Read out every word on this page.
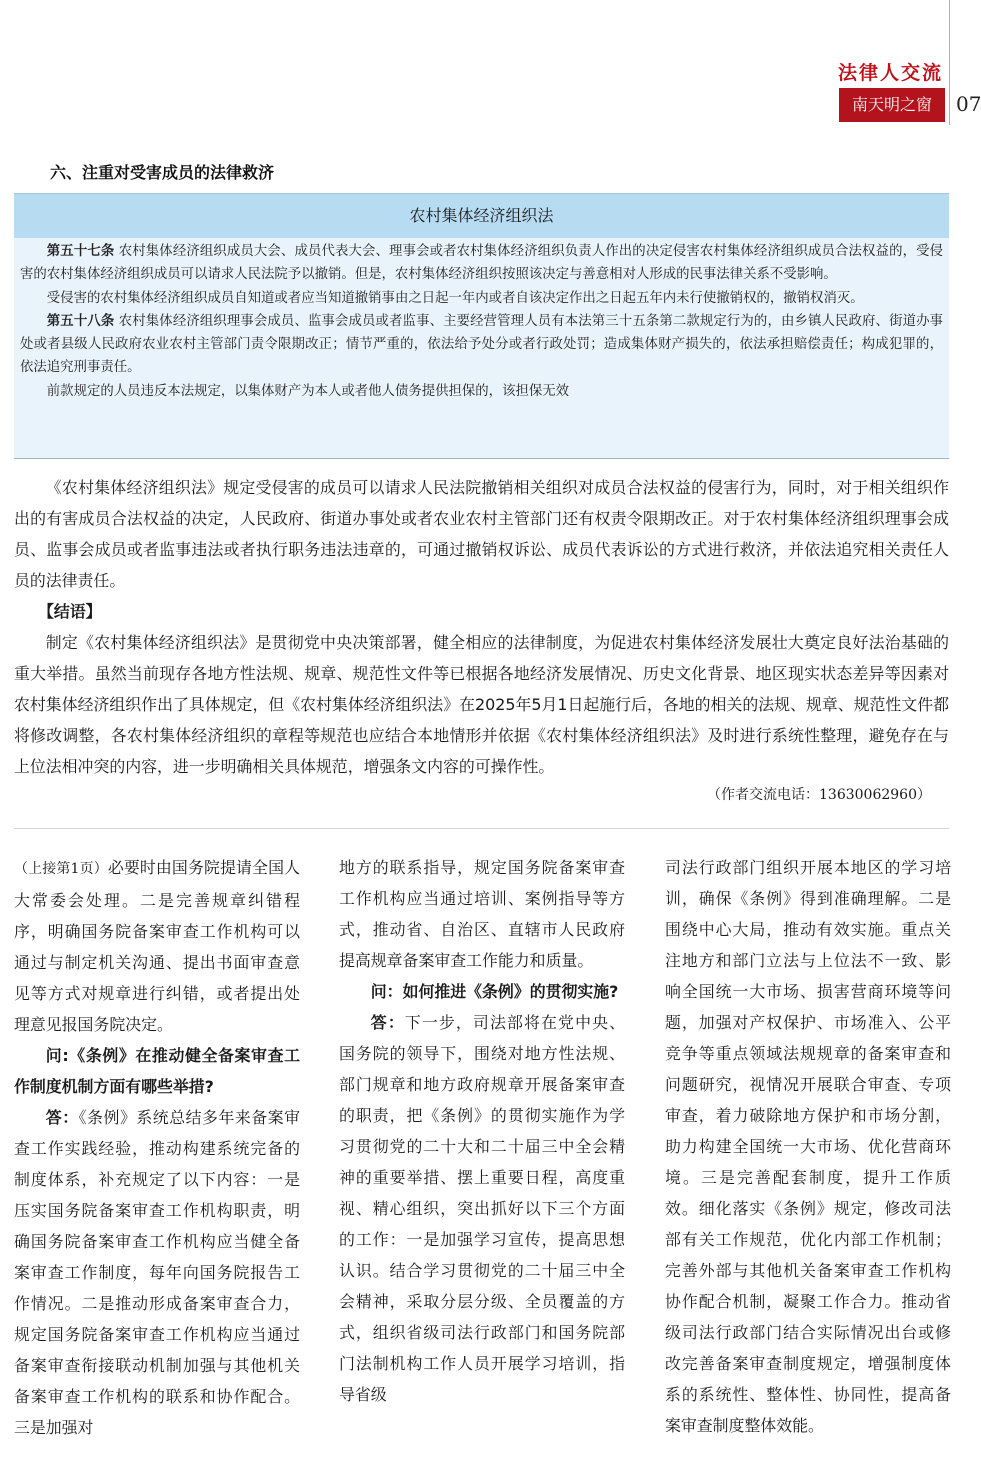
法律人交流
南天明之窗	07
六、注重对受害成员的法律救济
农村集体经济组织法

第五十七条 农村集体经济组织成员大会、成员代表大会、理事会或者农村集体经济组织负责人作出的决定侵害农村集体经济组织成员合法权益的，受侵害的农村集体经济组织成员可以请求人民法院予以撤销。但是，农村集体经济组织按照该决定与善意相对人形成的民事法律关系不受影响。

受侵害的农村集体经济组织成员自知道或者应当知道撤销事由之日起一年内或者自该决定作出之日起五年内未行使撤销权的，撤销权消灭。

第五十八条 农村集体经济组织理事会成员、监事会成员或者监事、主要经营管理人员有本法第三十五条第二款规定行为的，由乡镇人民政府、街道办事处或者县级人民政府农业农村主管部门责令限期改正；情节严重的，依法给予处分或者行政处罚；造成集体财产损失的，依法承担赔偿责任；构成犯罪的，依法追究刑事责任。

前款规定的人员违反本法规定，以集体财产为本人或者他人债务提供担保的，该担保无效

《农村集体经济组织法》规定受侵害的成员可以请求人民法院撤销相关组织对成员合法权益的侵害行为，同时，对于相关组织作出的有害成员合法权益的决定，人民政府、街道办事处或者农业农村主管部门还有权责令限期改正。对于农村集体经济组织理事会成员、监事会成员或者监事违法或者执行职务违法违章的，可通过撤销权诉讼、成员代表诉讼的方式进行救济，并依法追究相关责任人员的法律责任。

【结语】

制定《农村集体经济组织法》是贯彻党中央决策部署，健全相应的法律制度，为促进农村集体经济发展壮大奠定良好法治基础的重大举措。虽然当前现存各地方性法规、规章、规范性文件等已根据各地经济发展情况、历史文化背景、地区现实状态差异等因素对农村集体经济组织作出了具体规定，但《农村集体经济组织法》在2025年5月1日起施行后，各地的相关的法规、规章、规范性文件都将修改调整，各农村集体经济组织的章程等规范也应结合本地情形并依据《农村集体经济组织法》及时进行系统性整理，避免存在与上位法相冲突的内容，进一步明确相关具体规范，增强条文内容的可操作性。

（作者交流电话：13630062960）

（上接第1页）必要时由国务院提请全国人大常委会处理。二是完善规章纠错程序，明确国务院备案审查工作机构可以通过与制定机关沟通、提出书面审查意见等方式对规章进行纠错，或者提出处理意见报国务院决定。

问:《条例》在推动健全备案审查工作制度机制方面有哪些举措?

答：《条例》系统总结多年来备案审查工作实践经验，推动构建系统完备的制度体系，补充规定了以下内容：一是压实国务院备案审查工作机构职责，明确国务院备案审查工作机构应当健全备案审查工作制度，每年向国务院报告工作情况。二是推动形成备案审查合力，规定国务院备案审查工作机构应当通过备案审查衔接联动机制加强与其他机关备案审查工作机构的联系和协作配合。三是加强对

地方的联系指导，规定国务院备案审查工作机构应当通过培训、案例指导等方式，推动省、自治区、直辖市人民政府提高规章备案审查工作能力和质量。

问：如何推进《条例》的贯彻实施?

答：下一步，司法部将在党中央、国务院的领导下，围绕对地方性法规、部门规章和地方政府规章开展备案审查的职责，把《条例》的贯彻实施作为学习贯彻党的二十大和二十届三中全会精神的重要举措、摆上重要日程，高度重视、精心组织，突出抓好以下三个方面的工作：一是加强学习宣传，提高思想认识。结合学习贯彻党的二十届三中全会精神，采取分层分级、全员覆盖的方式，组织省级司法行政部门和国务院部门法制机构工作人员开展学习培训，指导省级

司法行政部门组织开展本地区的学习培训，确保《条例》得到准确理解。二是围绕中心大局，推动有效实施。重点关注地方和部门立法与上位法不一致、影响全国统一大市场、损害营商环境等问题，加强对产权保护、市场准入、公平竞争等重点领域法规规章的备案审查和问题研究，视情况开展联合审查、专项审查，着力破除地方保护和市场分割，助力构建全国统一大市场、优化营商环境。三是完善配套制度，提升工作质效。细化落实《条例》规定，修改司法部有关工作规范，优化内部工作机制；完善外部与其他机关备案审查工作机构协作配合机制，凝聚工作合力。推动省级司法行政部门结合实际情况出台或修改完善备案审查制度规定，增强制度体系的系统性、整体性、协同性，提高备案审查制度整体效能。
